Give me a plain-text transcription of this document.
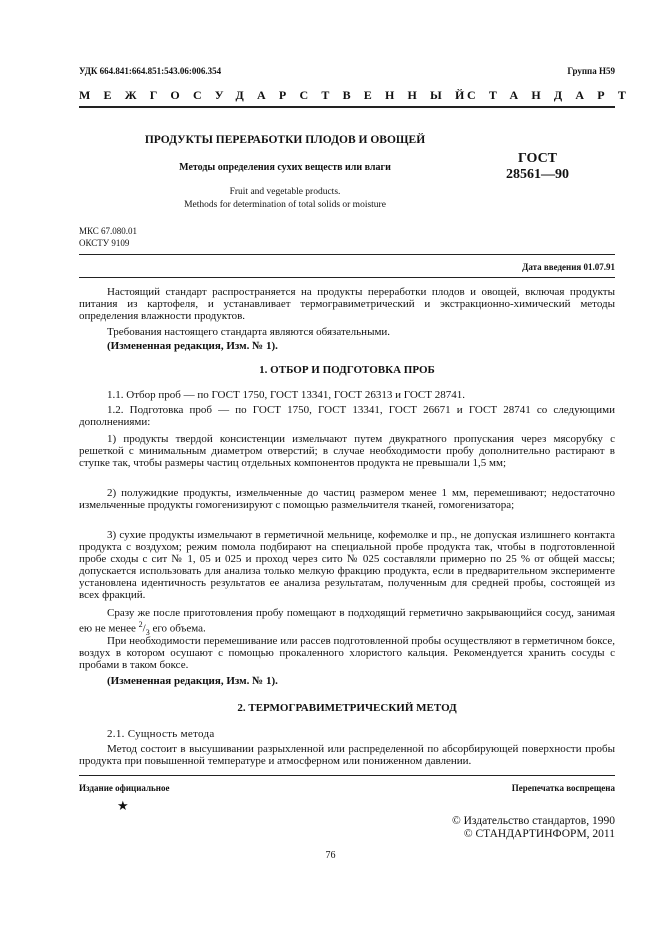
УДК 664.841:664.851:543.06:006.354	Группа Н59
МЕЖГОСУДАРСТВЕННЫЙ
СТАНДАРТ
ПРОДУКТЫ ПЕРЕРАБОТКИ ПЛОДОВ И ОВОЩЕЙ
Методы определения сухих веществ или влаги
Fruit and vegetable products.
Methods for determination of total solids or moisture
ГОСТ
28561—90
МКС 67.080.01
ОКСТУ 9109
Дата введения 01.07.91
Настоящий стандарт распространяется на продукты переработки плодов и овощей, включая продукты питания из картофеля, и устанавливает термогравиметрический и экстракционно-химический методы определения влажности продуктов.
Требования настоящего стандарта являются обязательными.
(Измененная редакция, Изм. № 1).
1. ОТБОР И ПОДГОТОВКА ПРОБ
1.1. Отбор проб — по ГОСТ 1750, ГОСТ 13341, ГОСТ 26313 и ГОСТ 28741.
1.2. Подготовка проб — по ГОСТ 1750, ГОСТ 13341, ГОСТ 26671 и ГОСТ 28741 со следующими дополнениями:
1) продукты твердой консистенции измельчают путем двукратного пропускания через мясорубку с решеткой с минимальным диаметром отверстий; в случае необходимости пробу дополнительно растирают в ступке так, чтобы размеры частиц отдельных компонентов продукта не превышали 1,5 мм;
2) полужидкие продукты, измельченные до частиц размером менее 1 мм, перемешивают; недостаточно измельченные продукты гомогенизируют с помощью размельчителя тканей, гомогенизатора;
3) сухие продукты измельчают в герметичной мельнице, кофемолке и пр., не допуская излишнего контакта продукта с воздухом; режим помола подбирают на специальной пробе продукта так, чтобы в подготовленной пробе сходы с сит № 1, 05 и 025 и проход через сито № 025 составляли примерно по 25 % от общей массы; допускается использовать для анализа только мелкую фракцию продукта, если в предварительном эксперименте установлена идентичность результатов ее анализа результатам, полученным для средней пробы, состоящей из всех фракций.
Сразу же после приготовления пробу помещают в подходящий герметично закрывающийся сосуд, занимая ею не менее $^2/_3$ его объема.
При необходимости перемешивание или рассев подготовленной пробы осуществляют в герметичном боксе, воздух в котором осушают с помощью прокаленного хлористого кальция. Рекомендуется хранить сосуды с пробами в таком боксе.
(Измененная редакция, Изм. № 1).
2. ТЕРМОГРАВИМЕТРИЧЕСКИЙ МЕТОД
2.1. Сущность метода
Метод состоит в высушивании разрыхленной или распределенной по абсорбирующей поверхности пробы продукта при повышенной температуре и атмосферном или пониженном давлении.
Издание официальное	Перепечатка воспрещена
★
© Издательство стандартов, 1990
© СТАНДАРТИНФОРМ, 2011
76
